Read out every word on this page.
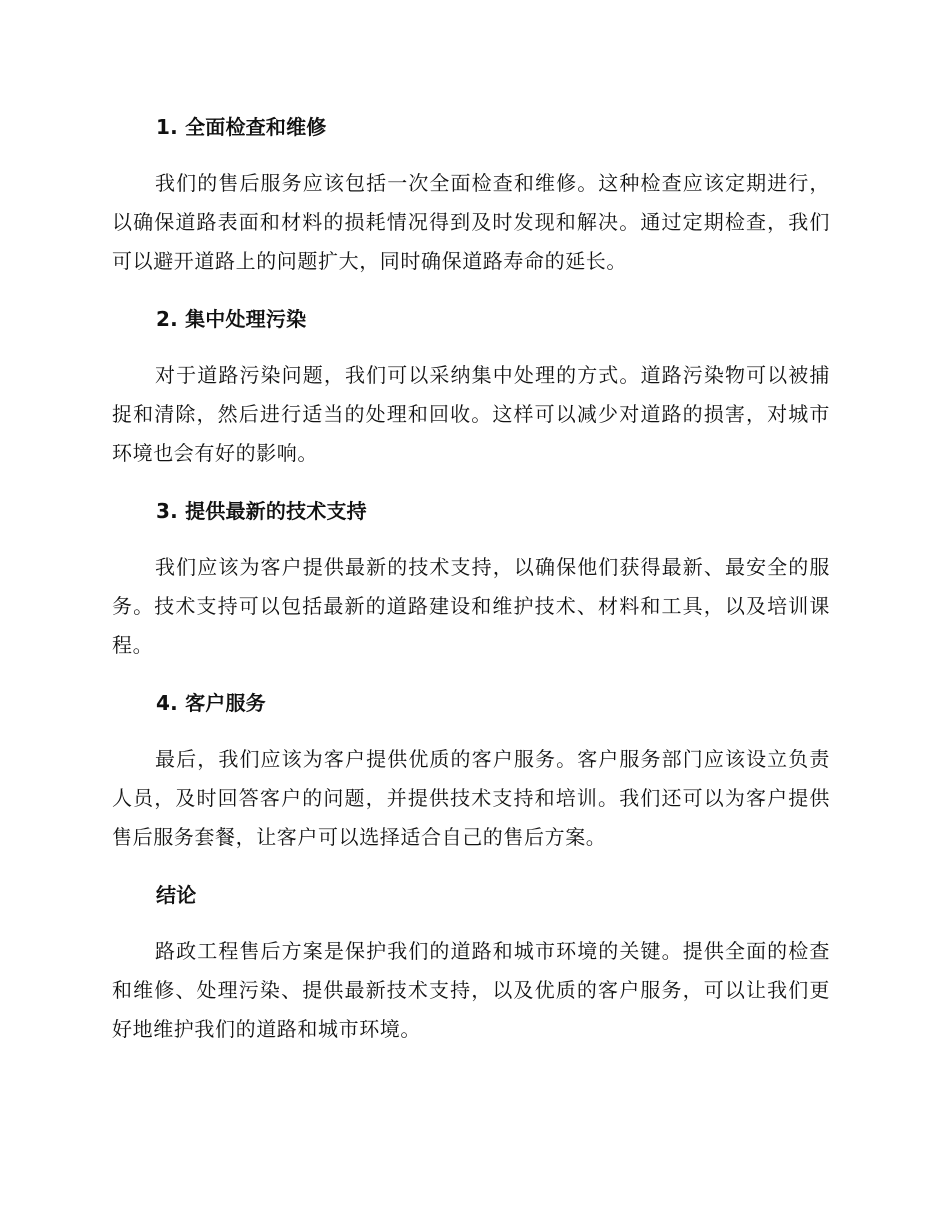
1. 全面检查和维修

我们的售后服务应该包括一次全面检查和维修。这种检查应该定期进行，以确保道路表面和材料的损耗情况得到及时发现和解决。通过定期检查，我们可以避开道路上的问题扩大，同时确保道路寿命的延长。

2. 集中处理污染

对于道路污染问题，我们可以采纳集中处理的方式。道路污染物可以被捕捉和清除，然后进行适当的处理和回收。这样可以减少对道路的损害，对城市环境也会有好的影响。

3. 提供最新的技术支持

我们应该为客户提供最新的技术支持，以确保他们获得最新、最安全的服务。技术支持可以包括最新的道路建设和维护技术、材料和工具，以及培训课程。

4. 客户服务

最后，我们应该为客户提供优质的客户服务。客户服务部门应该设立负责人员，及时回答客户的问题，并提供技术支持和培训。我们还可以为客户提供售后服务套餐，让客户可以选择适合自己的售后方案。

结论

路政工程售后方案是保护我们的道路和城市环境的关键。提供全面的检查和维修、处理污染、提供最新技术支持，以及优质的客户服务，可以让我们更好地维护我们的道路和城市环境。
